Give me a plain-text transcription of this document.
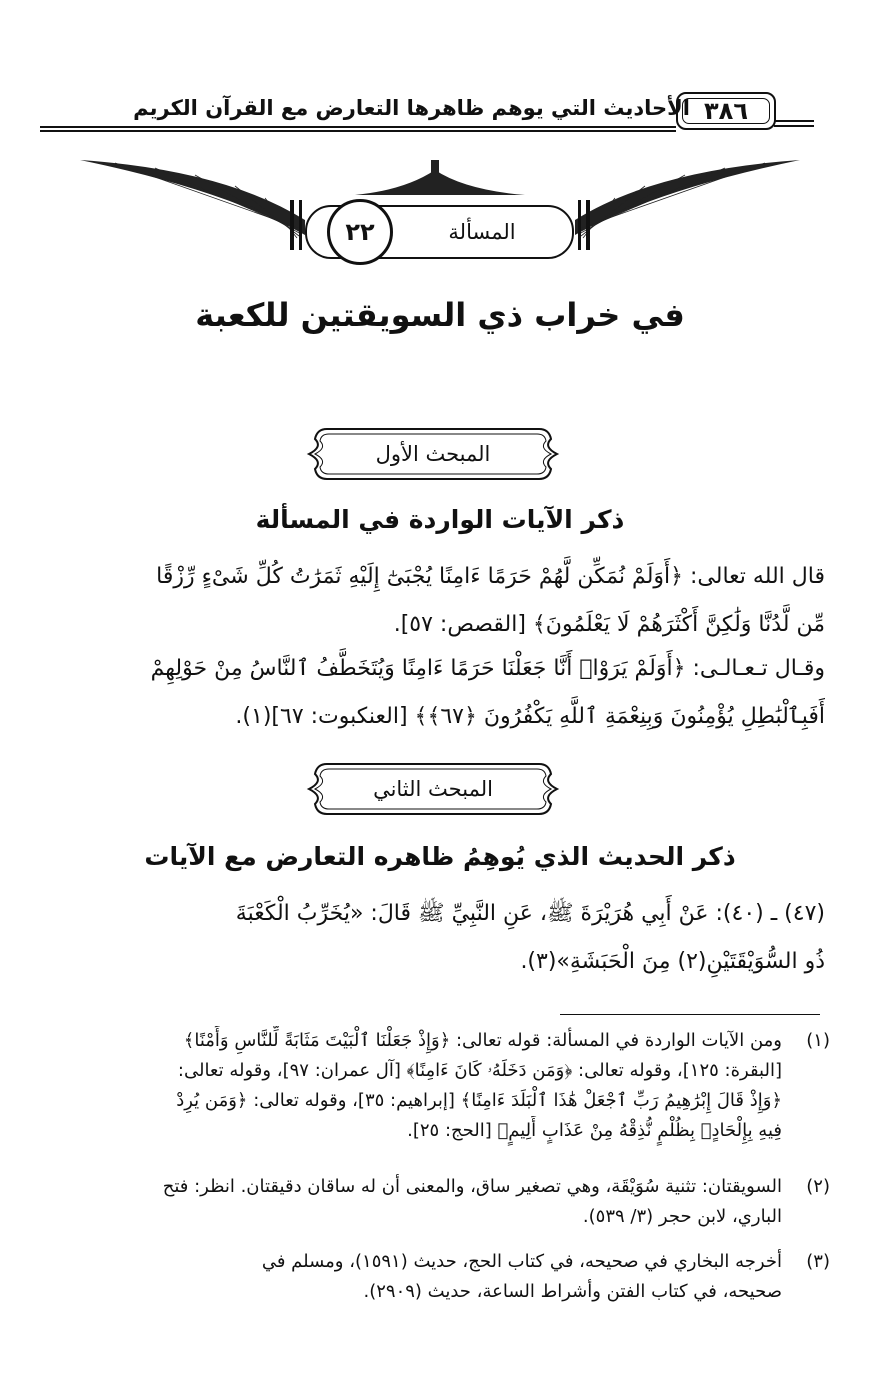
الأحاديث التي يوهم ظاهرها التعارض مع القرآن الكريم ٣٨٦
٢٢	المسألة
في خراب ذي السويقتين للكعبة
المبحث الأول
ذكر الآيات الواردة في المسألة
قال الله تعالى: ﴿أَوَلَمْ نُمَكِّن لَّهُمْ حَرَمًا ءَامِنًا يُجْبَىٰٓ إِلَيْهِ ثَمَرَٰتُ كُلِّ شَىْءٍ رِّزْقًا
مِّن لَّدُنَّا وَلَٰكِنَّ أَكْثَرَهُمْ لَا يَعْلَمُونَ﴾ [القصص: ٥٧].
وقـال تـعـالـى: ﴿أَوَلَمْ يَرَوْا۟ أَنَّا جَعَلْنَا حَرَمًا ءَامِنًا وَيُتَخَطَّفُ ٱلنَّاسُ مِنْ حَوْلِهِمْ
أَفَبِٱلْبَٰطِلِ يُؤْمِنُونَ وَبِنِعْمَةِ ٱللَّهِ يَكْفُرُونَ ﴿٦٧﴾﴾ [العنكبوت: ٦٧](١).
المبحث الثاني
ذكر الحديث الذي يُوهِمُ ظاهره التعارض مع الآيات
(٤٧) ـ (٤٠): عَنْ أَبِي هُرَيْرَةَ ﷺ، عَنِ النَّبِيِّ ﷺ قَالَ: «يُخَرِّبُ الْكَعْبَةَ
ذُو السُّوَيْقَتَيْنِ(٢) مِنَ الْحَبَشَةِ»(٣).
(١)
ومن الآيات الواردة في المسألة: قوله تعالى: ﴿وَإِذْ جَعَلْنَا ٱلْبَيْتَ مَثَابَةً لِّلنَّاسِ وَأَمْنًا﴾
[البقرة: ١٢٥]، وقوله تعالى: ﴿وَمَن دَخَلَهُۥ كَانَ ءَامِنًا﴾ [آل عمران: ٩٧]، وقوله تعالى:
﴿وَإِذْ قَالَ إِبْرَٰهِيمُ رَبِّ ٱجْعَلْ هَٰذَا ٱلْبَلَدَ ءَامِنًا﴾ [إبراهيم: ٣٥]، وقوله تعالى: ﴿وَمَن يُرِدْ
فِيهِ بِإِلْحَادٍۭ بِظُلْمٍ نُّذِقْهُ مِنْ عَذَابٍ أَلِيمٍ﴾ [الحج: ٢٥].
(٢)
السويقتان: تثنية سُوَيْقَة، وهي تصغير ساق، والمعنى أن له ساقان دقيقتان. انظر: فتح
الباري، لابن حجر (٣/ ٥٣٩).
(٣)
أخرجه البخاري في صحيحه، في كتاب الحج، حديث (١٥٩١)، ومسلم في
صحيحه، في كتاب الفتن وأشراط الساعة، حديث (٢٩٠٩).
